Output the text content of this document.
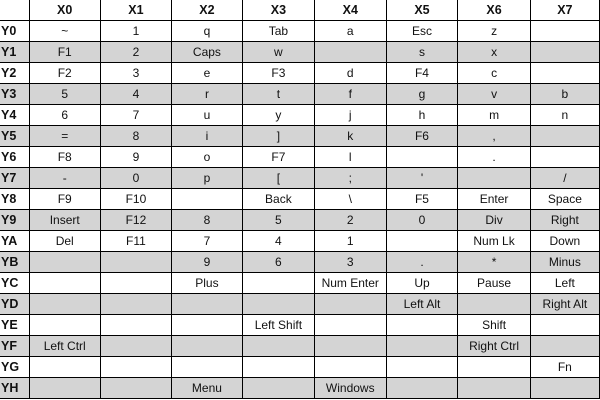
	X0	X1	X2	X3	X4	X5	X6	X7
Y0	~	1	q	Tab	a	Esc	z	
Y1	F1	2	Caps	w		s	x	
Y2	F2	3	e	F3	d	F4	c	
Y3	5	4	r	t	f	g	v	b
Y4	6	7	u	y	j	h	m	n
Y5	=	8	i	]	k	F6	,	
Y6	F8	9	o	F7	l		.	
Y7	-	0	p	[	;	'		/
Y8	F9	F10		Back	\	F5	Enter	Space
Y9	Insert	F12	8	5	2	0	Div	Right
YA	Del	F11	7	4	1		Num Lk	Down
YB			9	6	3	.	*	Minus
YC			Plus		Num Enter	Up	Pause	Left
YD						Left Alt		Right Alt
YE				Left Shift			Shift	
YF	Left Ctrl						Right Ctrl	
YG								Fn
YH			Menu		Windows			
